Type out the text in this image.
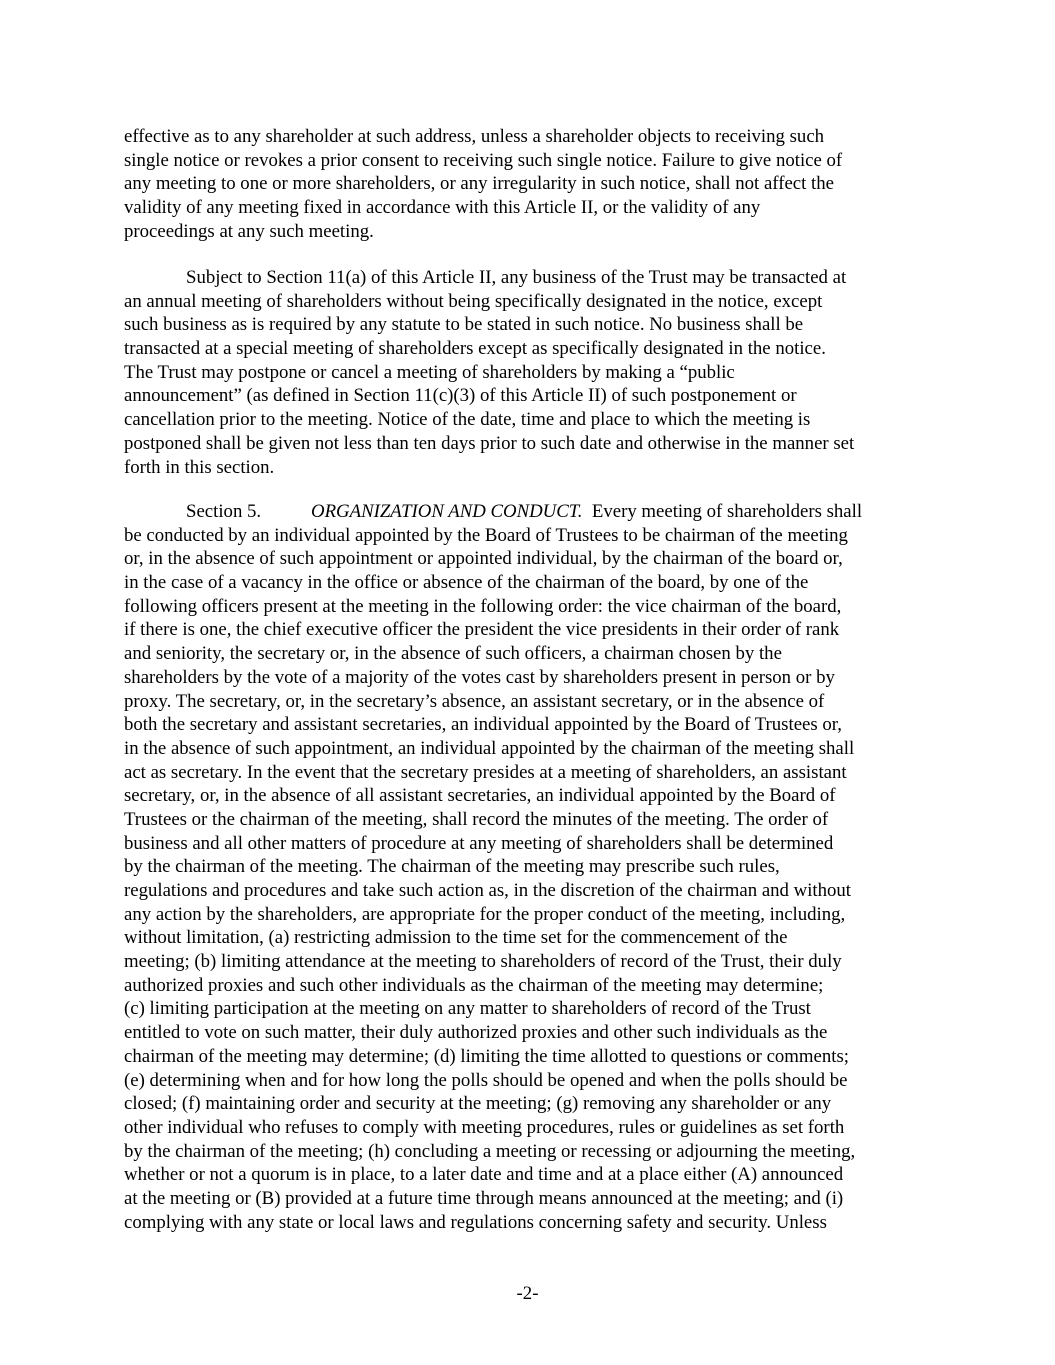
effective as to any shareholder at such address, unless a shareholder objects to receiving such
single notice or revokes a prior consent to receiving such single notice. Failure to give notice of
any meeting to one or more shareholders, or any irregularity in such notice, shall not affect the
validity of any meeting fixed in accordance with this Article II, or the validity of any
proceedings at any such meeting.
Subject to Section 11(a) of this Article II, any business of the Trust may be transacted at
an annual meeting of shareholders without being specifically designated in the notice, except
such business as is required by any statute to be stated in such notice. No business shall be
transacted at a special meeting of shareholders except as specifically designated in the notice.
The Trust may postpone or cancel a meeting of shareholders by making a “public
announcement” (as defined in Section 11(c)(3) of this Article II) of such postponement or
cancellation prior to the meeting. Notice of the date, time and place to which the meeting is
postponed shall be given not less than ten days prior to such date and otherwise in the manner set
forth in this section.
Section 5.	ORGANIZATION AND CONDUCT. Every meeting of shareholders shall
be conducted by an individual appointed by the Board of Trustees to be chairman of the meeting
or, in the absence of such appointment or appointed individual, by the chairman of the board or,
in the case of a vacancy in the office or absence of the chairman of the board, by one of the
following officers present at the meeting in the following order: the vice chairman of the board,
if there is one, the chief executive officer the president the vice presidents in their order of rank
and seniority, the secretary or, in the absence of such officers, a chairman chosen by the
shareholders by the vote of a majority of the votes cast by shareholders present in person or by
proxy. The secretary, or, in the secretary’s absence, an assistant secretary, or in the absence of
both the secretary and assistant secretaries, an individual appointed by the Board of Trustees or,
in the absence of such appointment, an individual appointed by the chairman of the meeting shall
act as secretary. In the event that the secretary presides at a meeting of shareholders, an assistant
secretary, or, in the absence of all assistant secretaries, an individual appointed by the Board of
Trustees or the chairman of the meeting, shall record the minutes of the meeting. The order of
business and all other matters of procedure at any meeting of shareholders shall be determined
by the chairman of the meeting. The chairman of the meeting may prescribe such rules,
regulations and procedures and take such action as, in the discretion of the chairman and without
any action by the shareholders, are appropriate for the proper conduct of the meeting, including,
without limitation, (a) restricting admission to the time set for the commencement of the
meeting; (b) limiting attendance at the meeting to shareholders of record of the Trust, their duly
authorized proxies and such other individuals as the chairman of the meeting may determine;
(c) limiting participation at the meeting on any matter to shareholders of record of the Trust
entitled to vote on such matter, their duly authorized proxies and other such individuals as the
chairman of the meeting may determine; (d) limiting the time allotted to questions or comments;
(e) determining when and for how long the polls should be opened and when the polls should be
closed; (f) maintaining order and security at the meeting; (g) removing any shareholder or any
other individual who refuses to comply with meeting procedures, rules or guidelines as set forth
by the chairman of the meeting; (h) concluding a meeting or recessing or adjourning the meeting,
whether or not a quorum is in place, to a later date and time and at a place either (A) announced
at the meeting or (B) provided at a future time through means announced at the meeting; and (i)
complying with any state or local laws and regulations concerning safety and security. Unless
-2-
